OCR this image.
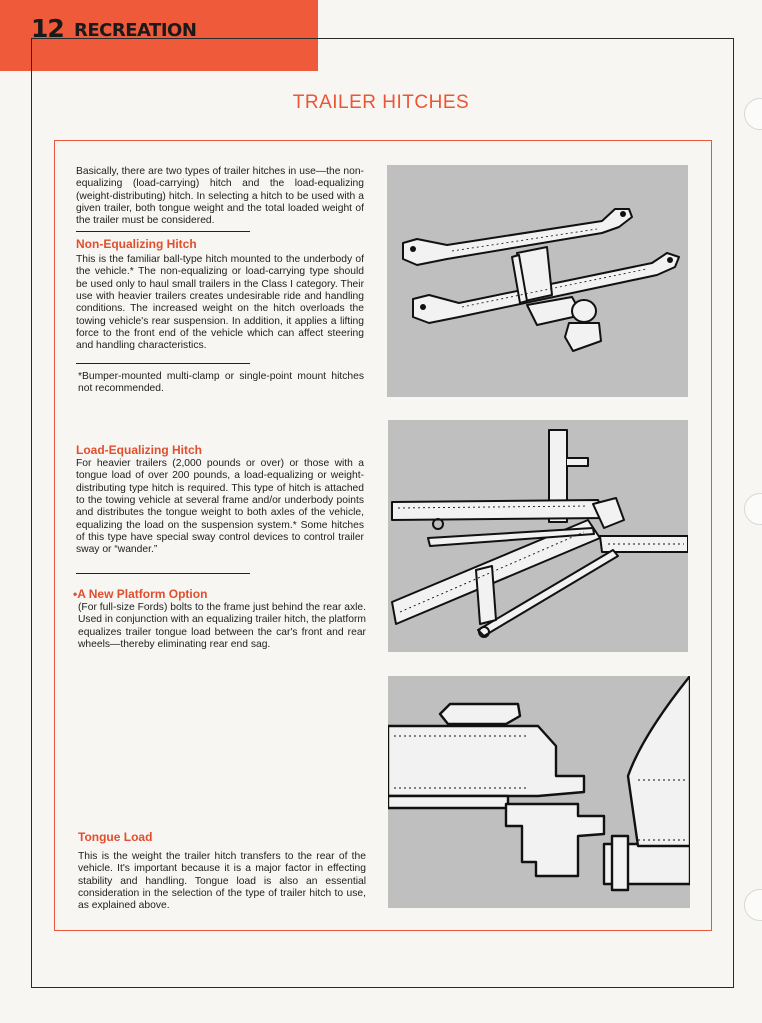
12 RECREATION
TRAILER HITCHES
Basically, there are two types of trailer hitches in use—the non-equalizing (load-carrying) hitch and the load-equalizing (weight-distributing) hitch. In selecting a hitch to be used with a given trailer, both tongue weight and the total loaded weight of the trailer must be considered.
Non-Equalizing Hitch
This is the familiar ball-type hitch mounted to the underbody of the vehicle.* The non-equalizing or load-carrying type should be used only to haul small trailers in the Class I category. Their use with heavier trailers creates undesirable ride and handling conditions. The increased weight on the hitch overloads the towing vehicle's rear suspension. In addition, it applies a lifting force to the front end of the vehicle which can affect steering and handling characteristics.
*Bumper-mounted multi-clamp or single-point mount hitches not recommended.
Load-Equalizing Hitch
For heavier trailers (2,000 pounds or over) or those with a tongue load of over 200 pounds, a load-equalizing or weight-distributing type hitch is required. This type of hitch is attached to the towing vehicle at several frame and/or underbody points and distributes the tongue weight to both axles of the vehicle, equalizing the load on the suspension system.* Some hitches of this type have special sway control devices to control trailer sway or “wander.”
•A New Platform Option
(For full-size Fords) bolts to the frame just behind the rear axle. Used in conjunction with an equalizing trailer hitch, the platform equalizes trailer tongue load between the car's front and rear wheels—thereby eliminating rear end sag.
Tongue Load
This is the weight the trailer hitch transfers to the rear of the vehicle. It's important because it is a major factor in effecting stability and handling. Tongue load is also an essential consideration in the selection of the type of trailer hitch to use, as explained above.
